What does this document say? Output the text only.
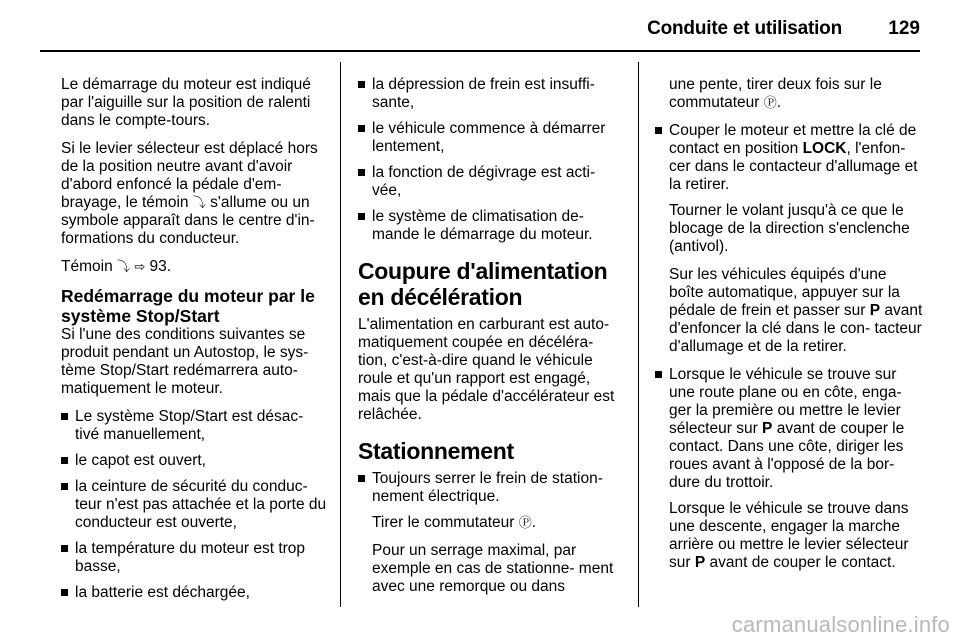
Conduite et utilisation 129

Le démarrage du moteur est indiqué par l'aiguille sur la position de ralenti dans le compte-tours.

Si le levier sélecteur est déplacé hors de la position neutre avant d'avoir d'abord enfoncé la pédale d'em- brayage, le témoin ⤵ s'allume ou un symbole apparaît dans le centre d'in- formations du conducteur.

Témoin ⤵ ⇨ 93.

Redémarrage du moteur par le système Stop/Start

Si l'une des conditions suivantes se produit pendant un Autostop, le sys- tème Stop/Start redémarrera auto- matiquement le moteur.

Le système Stop/Start est désac- tivé manuellement,
le capot est ouvert,
la ceinture de sécurité du conduc- teur n'est pas attachée et la porte du conducteur est ouverte,
la température du moteur est trop basse,
la batterie est déchargée,
la dépression de frein est insuffi- sante,
le véhicule commence à démarrer lentement,
la fonction de dégivrage est acti- vée,
le système de climatisation de- mande le démarrage du moteur.
Coupure d'alimentation en décélération

L'alimentation en carburant est auto- matiquement coupée en décéléra- tion, c'est-à-dire quand le véhicule roule et qu'un rapport est engagé, mais que la pédale d'accélérateur est relâchée.

Stationnement
Toujours serrer le frein de station- nement électrique.

Tirer le commutateur Ⓟ.

Pour un serrage maximal, par exemple en cas de stationne- ment avec une remorque ou dans

une pente, tirer deux fois sur le commutateur Ⓟ.

Couper le moteur et mettre la clé de contact en position LOCK, l'enfon- cer dans le contacteur d'allumage et la retirer.

Tourner le volant jusqu'à ce que le blocage de la direction s'enclenche (antivol).

Sur les véhicules équipés d'une boîte automatique, appuyer sur la pédale de frein et passer sur P avant d'enfoncer la clé dans le con- tacteur d'allumage et de la retirer.

Lorsque le véhicule se trouve sur une route plane ou en côte, enga- ger la première ou mettre le levier sélecteur sur P avant de couper le contact. Dans une côte, diriger les roues avant à l'opposé de la bor- dure du trottoir.

Lorsque le véhicule se trouve dans une descente, engager la marche arrière ou mettre le levier sélecteur sur P avant de couper le contact.

carmanualsonline.info
